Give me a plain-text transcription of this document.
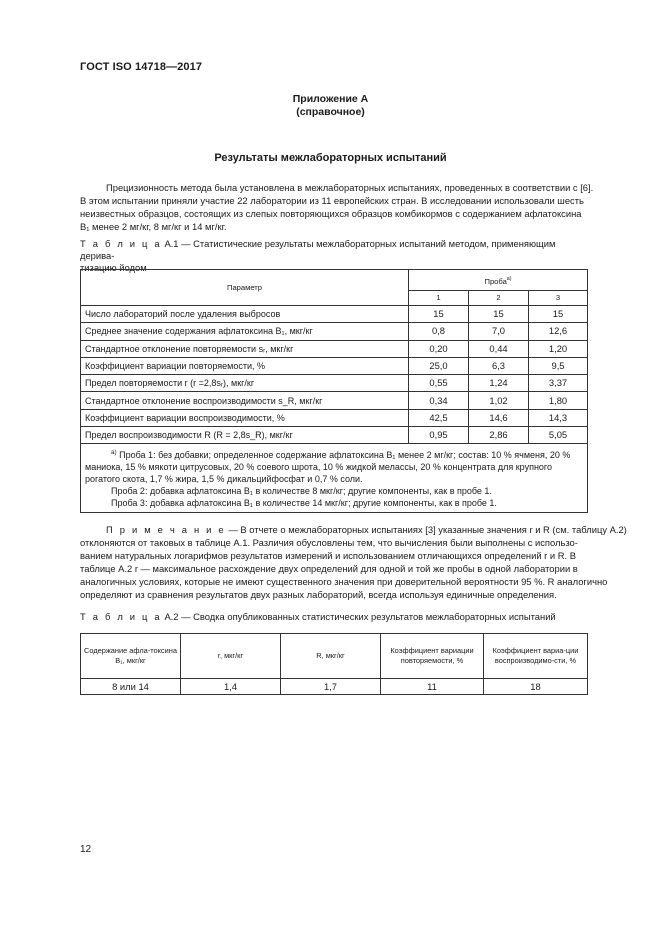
ГОСТ ISO 14718—2017
Приложение А
(справочное)
Результаты межлабораторных испытаний
Прецизионность метода была установлена в межлабораторных испытаниях, проведенных в соответствии с [6].
В этом испытании приняли участие 22 лаборатории из 11 европейских стран. В исследовании использовали шесть
неизвестных образцов, состоящих из слепых повторяющихся образцов комбикормов с содержанием афлатоксина
B₁ менее 2 мг/кг, 8 мг/кг и 14 мг/кг.
Т а б л и ц а А.1 — Статистические результаты межлабораторных испытаний методом, применяющим дерива-
тизацию йодом
Параметр	Проба$^{a)}$
	1	2	3
Число лабораторий после удаления выбросов	15	15	15
Среднее значение содержания афлатоксина B₁, мкг/кг	0,8	7,0	12,6
Стандартное отклонение повторяемости sᵣ, мкг/кг	0,20	0,44	1,20
Коэффициент вариации повторяемости, %	25,0	6,3	9,5
Предел повторяемости r (r =2,8sᵣ), мкг/кг	0,55	1,24	3,37
Стандартное отклонение воспроизводимости s_R, мкг/кг	0,34	1,02	1,80
Коэффициент вариации воспроизводимости, %	42,5	14,6	14,3
Предел воспроизводимости R (R = 2,8s_R), мкг/кг	0,95	2,86	5,05

$^{a)}$ Проба 1: без добавки; определенное содержание афлатоксина B₁ менее 2 мг/кг; состав: 10 % ячменя, 20 %
маниока, 15 % мякоти цитрусовых, 20 % соевого шрота, 10 % жидкой мелассы, 20 % концентрата для крупного
рогатого скота, 1,7 % жира, 1,5 % дикальцийфосфат и 0,7 % соли.
Проба 2: добавка афлатоксина B₁ в количестве 8 мкг/кг; другие компоненты, как в пробе 1.
Проба 3: добавка афлатоксина B₁ в количестве 14 мкг/кг; другие компоненты, как в пробе 1.			
П р и м е ч а н и е — В отчете о межлабораторных испытаниях [3] указанные значения r и R (см. таблицу А.2)
отклоняются от таковых в таблице А.1. Различия обусловлены тем, что вычисления были выполнены с использо-
ванием натуральных логарифмов результатов измерений и использованием отличающихся определений r и R. В
таблице А.2 r — максимальное расхождение двух определений для одной и той же пробы в одной лаборатории в
аналогичных условиях, которые не имеют существенного значения при доверительной вероятности 95 %. R аналогично
определяют из сравнения результатов двух разных лабораторий, всегда используя единичные определения.
Т а б л и ц а А.2 — Сводка опубликованных статистических результатов межлабораторных испытаний
Содержание афла-токсина B₁, мкг/кг	r, мкг/кг	R, мкг/кг	Коэффициент вариации повторяемости, %	Коэффициент вариа-ции воспроизводимо-сти, %
8 или 14	1,4	1,7	11	18
12
